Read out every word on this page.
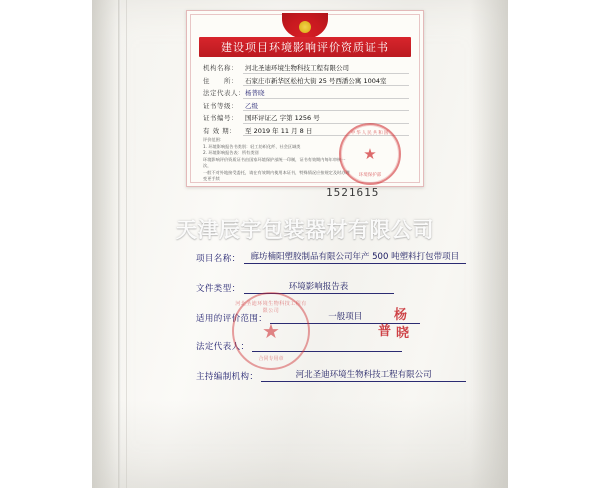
建设项目环境影响评价资质证书
机构名称：	河北圣迪环境生物科技工程有限公司
住　　所：	石家庄市新华区松柏大街 25 号西潘公寓 1004室
法定代表人： 杨普晓
证书等级：	乙级
证书编号：	国环评证乙 字第 1256 号
有 效 期：	至 2019 年 11 月 8 日
评价范围：
1. 环境影响报告书类别：轻工纺织化纤、社会区域类
2. 环境影响报告表：所有类别
环境影响评价资质证书由国家环境保护部统一印制，证书有效期内每年审核一次，
一般不对外地接受委托，请在有效期内使用本证书，特殊情况应按规定及时办理变更手续
★ 中华人民共和国
环境保护部
1521615
天津辰宇包装器材有限公司
项目名称：	廊坊楠阳塑胶制品有限公司年产 500 吨塑料打包带项目
文件类型：	环境影响报告表
适用的评价范围：	一般项目
法定代表人：
主持编制机构：	河北圣迪环境生物科技工程有限公司
★ 河北圣迪环境生物科技工程有限公司
合同专用章
杨
普 晓
